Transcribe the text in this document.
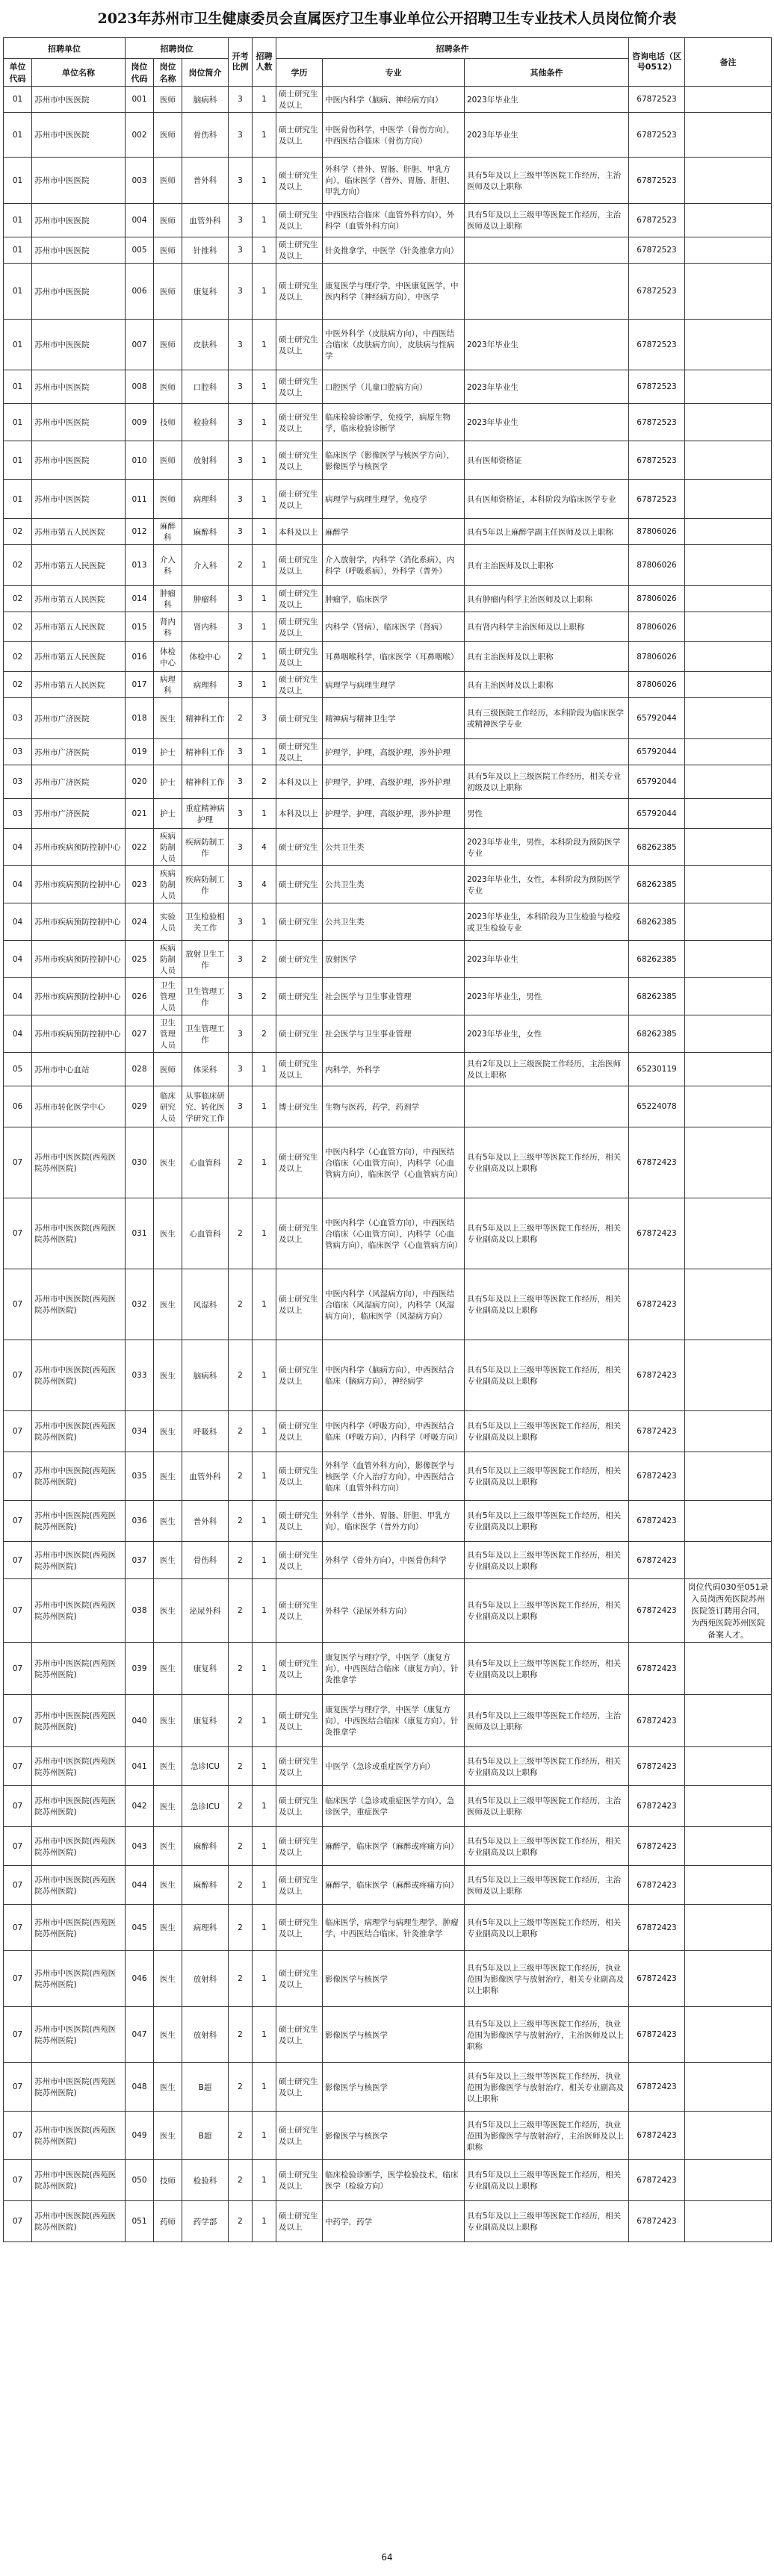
2023年苏州市卫生健康委员会直属医疗卫生事业单位公开招聘卫生专业技术人员岗位简介表
招聘单位		招聘岗位			开考比例	招聘人数	招聘条件			咨询电话（区号0512）	备注
单位代码	单位名称	岗位代码	岗位名称	岗位简介			学历	专业	其他条件		
01	苏州市中医医院	001	医师	脑病科	3	1	硕士研究生及以上	中医内科学（脑病、神经病方向）	2023年毕业生	67872523	
01	苏州市中医医院	002	医师	骨伤科	3	1	硕士研究生及以上	中医骨伤科学，中医学（骨伤方向），中西医结合临床（骨伤方向）	2023年毕业生	67872523	
01	苏州市中医医院	003	医师	普外科	3	1	硕士研究生及以上	外科学（普外、胃肠、肝胆、甲乳方向），临床医学（普外、胃肠、肝胆、甲乳方向）	具有5年及以上三级甲等医院工作经历，主治医师及以上职称	67872523	
01	苏州市中医医院	004	医师	血管外科	3	1	硕士研究生及以上	中西医结合临床（血管外科方向），外科学（血管外科方向）	具有5年及以上三级甲等医院工作经历，主治医师及以上职称	67872523	
01	苏州市中医医院	005	医师	针推科	3	1	硕士研究生及以上	针灸推拿学，中医学（针灸推拿方向）		67872523	
01	苏州市中医医院	006	医师	康复科	3	1	硕士研究生及以上	康复医学与理疗学，中医康复医学，中医内科学（神经病方向），中医学		67872523	
01	苏州市中医医院	007	医师	皮肤科	3	1	硕士研究生及以上	中医外科学（皮肤病方向），中西医结合临床（皮肤病方向），皮肤病与性病学	2023年毕业生	67872523	
01	苏州市中医医院	008	医师	口腔科	3	1	硕士研究生及以上	口腔医学（儿童口腔病方向）	2023年毕业生	67872523	
01	苏州市中医医院	009	技师	检验科	3	1	硕士研究生及以上	临床检验诊断学，免疫学，病原生物学，临床检验诊断学	2023年毕业生	67872523	
01	苏州市中医医院	010	医师	放射科	3	1	硕士研究生及以上	临床医学（影像医学与核医学方向），影像医学与核医学	具有医师资格证	67872523	
01	苏州市中医医院	011	医师	病理科	3	1	硕士研究生及以上	病理学与病理生理学，免疫学	具有医师资格证，本科阶段为临床医学专业	67872523	
02	苏州市第五人民医院	012	麻醉科	麻醉科	3	1	本科及以上	麻醉学	具有5年以上麻醉学副主任医师及以上职称	87806026	
02	苏州市第五人民医院	013	介入科	介入科	2	1	硕士研究生及以上	介入放射学，内科学（消化系病），内科学（呼吸系病），外科学（普外）	具有主治医师及以上职称	87806026	
02	苏州市第五人民医院	014	肿瘤科	肿瘤科	3	1	硕士研究生及以上	肿瘤学，临床医学	具有肿瘤内科学主治医师及以上职称	87806026	
02	苏州市第五人民医院	015	肾内科	肾内科	3	1	硕士研究生及以上	内科学（肾病），临床医学（肾病）	具有肾内科学主治医师及以上职称	87806026	
02	苏州市第五人民医院	016	体检中心	体检中心	2	1	硕士研究生及以上	耳鼻咽喉科学，临床医学（耳鼻咽喉）	具有主治医师及以上职称	87806026	
02	苏州市第五人民医院	017	病理科	病理科	3	1	硕士研究生及以上	病理学与病理生理学	具有主治医师及以上职称	87806026	
03	苏州市广济医院	018	医生	精神科工作	2	3	硕士研究生	精神病与精神卫生学	具有三级医院工作经历，本科阶段为临床医学或精神医学专业	65792044	
03	苏州市广济医院	019	护士	精神科工作	3	1	硕士研究生及以上	护理学，护理，高级护理，涉外护理		65792044	
03	苏州市广济医院	020	护士	精神科工作	3	2	本科及以上	护理学，护理，高级护理，涉外护理	具有5年及以上三级医院工作经历，相关专业初级及以上职称	65792044	
03	苏州市广济医院	021	护士	重症精神病护理	3	1	本科及以上	护理学，护理，高级护理，涉外护理	男性	65792044	
04	苏州市疾病预防控制中心	022	疾病防制人员	疾病防制工作	3	4	硕士研究生	公共卫生类	2023年毕业生，男性，本科阶段为预防医学专业	68262385	
04	苏州市疾病预防控制中心	023	疾病防制人员	疾病防制工作	3	4	硕士研究生	公共卫生类	2023年毕业生，女性，本科阶段为预防医学专业	68262385	
04	苏州市疾病预防控制中心	024	实验人员	卫生检验相关工作	3	1	硕士研究生	公共卫生类	2023年毕业生，本科阶段为卫生检验与检疫或卫生检验专业	68262385	
04	苏州市疾病预防控制中心	025	疾病防制人员	放射卫生工作	3	2	硕士研究生	放射医学	2023年毕业生	68262385	
04	苏州市疾病预防控制中心	026	卫生管理人员	卫生管理工作	3	2	硕士研究生	社会医学与卫生事业管理	2023年毕业生，男性	68262385	
04	苏州市疾病预防控制中心	027	卫生管理人员	卫生管理工作	3	2	硕士研究生	社会医学与卫生事业管理	2023年毕业生，女性	68262385	
05	苏州市中心血站	028	医师	体采科	3	1	硕士研究生及以上	内科学，外科学	具有2年及以上三级医院工作经历，主治医师及以上职称	65230119	
06	苏州市转化医学中心	029	临床研究人员	从事临床研究、转化医学研究工作	3	1	博士研究生	生物与医药，药学，药剂学		65224078	
07	苏州市中医医院(西苑医院苏州医院)	030	医生	心血管科	2	1	硕士研究生及以上	中医内科学（心血管方向），中西医结合临床（心血管方向），内科学（心血管病方向），临床医学（心血管病方向）	具有5年及以上三级甲等医院工作经历，相关专业副高及以上职称	67872423	
07	苏州市中医医院(西苑医院苏州医院)	031	医生	心血管科	2	1	硕士研究生及以上	中医内科学（心血管方向），中西医结合临床（心血管方向），内科学（心血管病方向），临床医学（心血管病方向）	具有5年及以上三级甲等医院工作经历，相关专业副高及以上职称	67872423	
07	苏州市中医医院(西苑医院苏州医院)	032	医生	风湿科	2	1	硕士研究生及以上	中医内科学（风湿病方向），中西医结合临床（风湿病方向），内科学（风湿病方向），临床医学（风湿病方向）	具有5年及以上三级甲等医院工作经历，相关专业副高及以上职称	67872423	
07	苏州市中医医院(西苑医院苏州医院)	033	医生	脑病科	2	1	硕士研究生及以上	中医内科学（脑病方向），中西医结合临床（脑病方向），神经病学	具有5年及以上三级甲等医院工作经历，相关专业副高及以上职称	67872423	
07	苏州市中医医院(西苑医院苏州医院)	034	医生	呼吸科	2	1	硕士研究生及以上	中医内科学（呼吸方向），中西医结合临床（呼吸方向），内科学（呼吸方向）	具有5年及以上三级甲等医院工作经历，相关专业副高及以上职称	67872423	
07	苏州市中医医院(西苑医院苏州医院)	035	医生	血管外科	2	1	硕士研究生及以上	外科学（血管外科方向），影像医学与核医学（介入治疗方向），中西医结合临床（血管外科方向）	具有5年及以上三级甲等医院工作经历，相关专业副高及以上职称	67872423	
07	苏州市中医医院(西苑医院苏州医院)	036	医生	普外科	2	1	硕士研究生及以上	外科学（普外、胃肠、肝胆、甲乳方向），临床医学（普外方向）	具有5年及以上三级甲等医院工作经历，相关专业副高及以上职称	67872423	
07	苏州市中医医院(西苑医院苏州医院)	037	医生	骨伤科	2	1	硕士研究生及以上	外科学（骨外方向），中医骨伤科学	具有5年及以上三级甲等医院工作经历，相关专业副高及以上职称	67872423	
07	苏州市中医医院(西苑医院苏州医院)	038	医生	泌尿外科	2	1	硕士研究生及以上	外科学（泌尿外科方向）	具有5年及以上三级甲等医院工作经历，相关专业副高及以上职称	67872423	岗位代码030至051录入员岗西苑医院苏州医院签订聘用合同，为西苑医院苏州医院备案人才。
07	苏州市中医医院(西苑医院苏州医院)	039	医生	康复科	2	1	硕士研究生及以上	康复医学与理疗学，中医学（康复方向），中西医结合临床（康复方向），针灸推拿学	具有5年及以上三级甲等医院工作经历，相关专业副高及以上职称	67872423	
07	苏州市中医医院(西苑医院苏州医院)	040	医生	康复科	2	1	硕士研究生及以上	康复医学与理疗学，中医学（康复方向），中西医结合临床（康复方向），针灸推拿学	具有5年及以上三级甲等医院工作经历，主治医师及以上职称	67872423	
07	苏州市中医医院(西苑医院苏州医院)	041	医生	急诊ICU	2	1	硕士研究生及以上	中医学（急诊或重症医学方向）	具有5年及以上三级甲等医院工作经历，相关专业副高及以上职称	67872423	
07	苏州市中医医院(西苑医院苏州医院)	042	医生	急诊ICU	2	1	硕士研究生及以上	临床医学（急诊或重症医学方向），急诊医学，重症医学	具有5年及以上三级甲等医院工作经历，主治医师及以上职称	67872423	
07	苏州市中医医院(西苑医院苏州医院)	043	医生	麻醉科	2	1	硕士研究生及以上	麻醉学，临床医学（麻醉或疼痛方向）	具有5年及以上三级甲等医院工作经历，相关专业副高及以上职称	67872423	
07	苏州市中医医院(西苑医院苏州医院)	044	医生	麻醉科	2	1	硕士研究生及以上	麻醉学，临床医学（麻醉或疼痛方向）	具有5年及以上三级甲等医院工作经历，主治医师及以上职称	67872423	
07	苏州市中医医院(西苑医院苏州医院)	045	医生	病理科	2	1	硕士研究生及以上	临床医学，病理学与病理生理学，肿瘤学，中西医结合临床，针灸推拿学	具有5年及以上三级甲等医院工作经历，相关专业副高及以上职称	67872423	
07	苏州市中医医院(西苑医院苏州医院)	046	医生	放射科	2	1	硕士研究生及以上	影像医学与核医学	具有5年及以上三级甲等医院工作经历，执业范围为影像医学与放射治疗，相关专业副高及以上职称	67872423	
07	苏州市中医医院(西苑医院苏州医院)	047	医生	放射科	2	1	硕士研究生及以上	影像医学与核医学	具有5年及以上三级甲等医院工作经历，执业范围为影像医学与放射治疗，主治医师及以上职称	67872423	
07	苏州市中医医院(西苑医院苏州医院)	048	医生	B超	2	1	硕士研究生及以上	影像医学与核医学	具有5年及以上三级甲等医院工作经历，执业范围为影像医学与放射治疗，相关专业副高及以上职称	67872423	
07	苏州市中医医院(西苑医院苏州医院)	049	医生	B超	2	1	硕士研究生及以上	影像医学与核医学	具有5年及以上三级甲等医院工作经历，执业范围为影像医学与放射治疗，主治医师及以上职称	67872423	
07	苏州市中医医院(西苑医院苏州医院)	050	技师	检验科	2	1	硕士研究生及以上	临床检验诊断学，医学检验技术，临床医学（检验方向）	具有5年及以上三级甲等医院工作经历，相关专业副高及以上职称	67872423	
07	苏州市中医医院(西苑医院苏州医院)	051	药师	药学部	2	1	硕士研究生及以上	中药学，药学	具有5年及以上三级甲等医院工作经历，相关专业副高及以上职称	67872423	
64
